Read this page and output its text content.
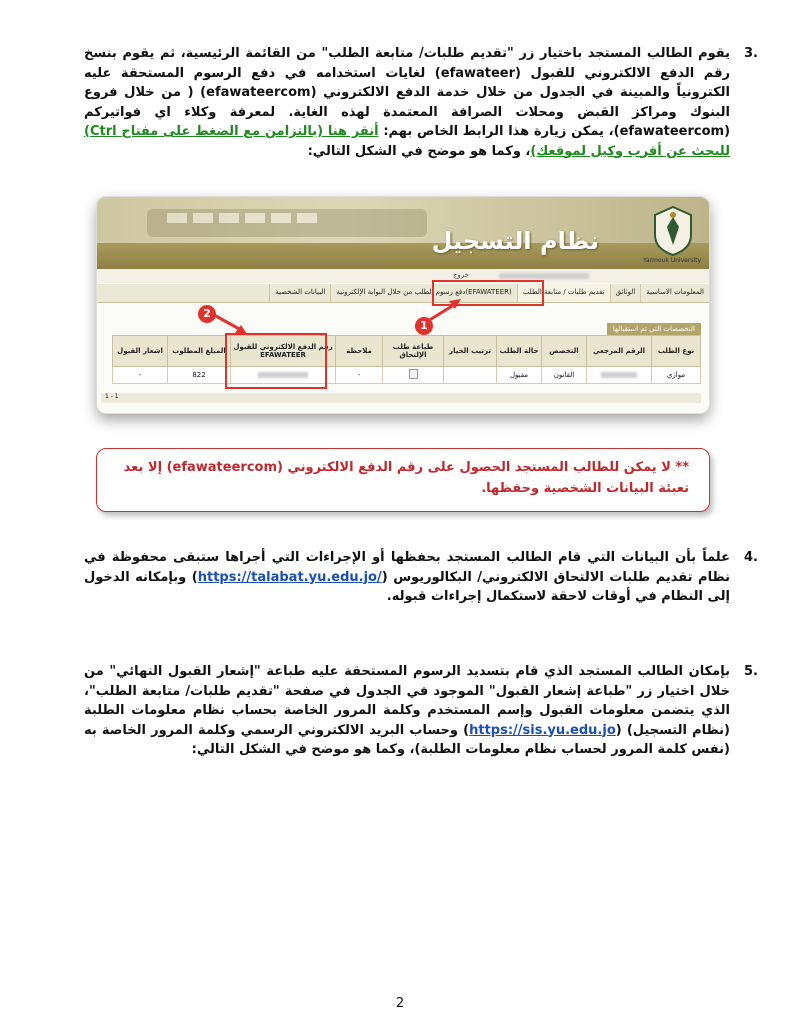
3.
يقوم الطالب المستجد باختيار زر "تقديم طلبات/ متابعة الطلب" من القائمة الرئيسية، ثم يقوم بنسخ رقم الدفع الالكتروني للقبول (efawateer) لغايات استخدامه في دفع الرسوم المستحقة عليه الكترونياً والمبينة في الجدول من خلال خدمة الدفع الالكتروني (efawateercom) ( من خلال فروع البنوك ومراكز القبض ومحلات الصرافة المعتمدة لهذه الغاية. لمعرفة وكلاء اي فواتيركم (efawateercom)، يمكن زيارة هذا الرابط الخاص بهم: أنقر هنا (بالتزامن مع الضغط على مفتاح Ctrl) للبحث عن أقرب وكيل لموقعك)، وكما هو موضح في الشكل التالي:
نظام التسجيل
Yarmouk University
خروج
المعلومات الاساسية
الوثائق
تقديم طلبات / متابعة الطلب
دفع رسوم الطلب من خلال البوابة الإلكترونية(EFAWATEER)
البيانات الشخصية
التخصصات التي تم استقبالها
نوع الطلب	الرقم المرجعي	التخصص	حالة الطلب	ترتيب الخيار	طباعة طلب الإلتحاق	ملاحظة	رقم الدفع الالكتروني للقبول EFAWATEER	المبلغ المطلوب	اشعار القبول
موازي		القانون	مقبول			-		822	-
1 - 1
1
2
** لا يمكن للطالب المستجد الحصول على رقم الدفع الالكتروني (efawateercom) إلا بعد تعبئة البيانات الشخصية وحفظها.
4.
علماً بأن البيانات التي قام الطالب المستجد بحفظها أو الإجراءات التي أجراها ستبقى محفوظة في نظام تقديم طلبات الالتحاق الالكتروني/ البكالوريوس (https://talabat.yu.edu.jo/) وبإمكانه الدخول إلى النظام في أوقات لاحقة لاستكمال إجراءات قبوله.
5.
بإمكان الطالب المستجد الذي قام بتسديد الرسوم المستحقة عليه طباعة "إشعار القبول النهائي" من خلال اختيار زر "طباعة إشعار القبول" الموجود في الجدول في صفحة "تقديم طلبات/ متابعة الطلب"، الذي يتضمن معلومات القبول وإسم المستخدم وكلمة المرور الخاصة بحساب نظام معلومات الطلبة (نظام التسجيل) (https://sis.yu.edu.jo) وحساب البريد الالكتروني الرسمي وكلمة المرور الخاصة به (نفس كلمة المرور لحساب نظام معلومات الطلبة)، وكما هو موضح في الشكل التالي:
2
